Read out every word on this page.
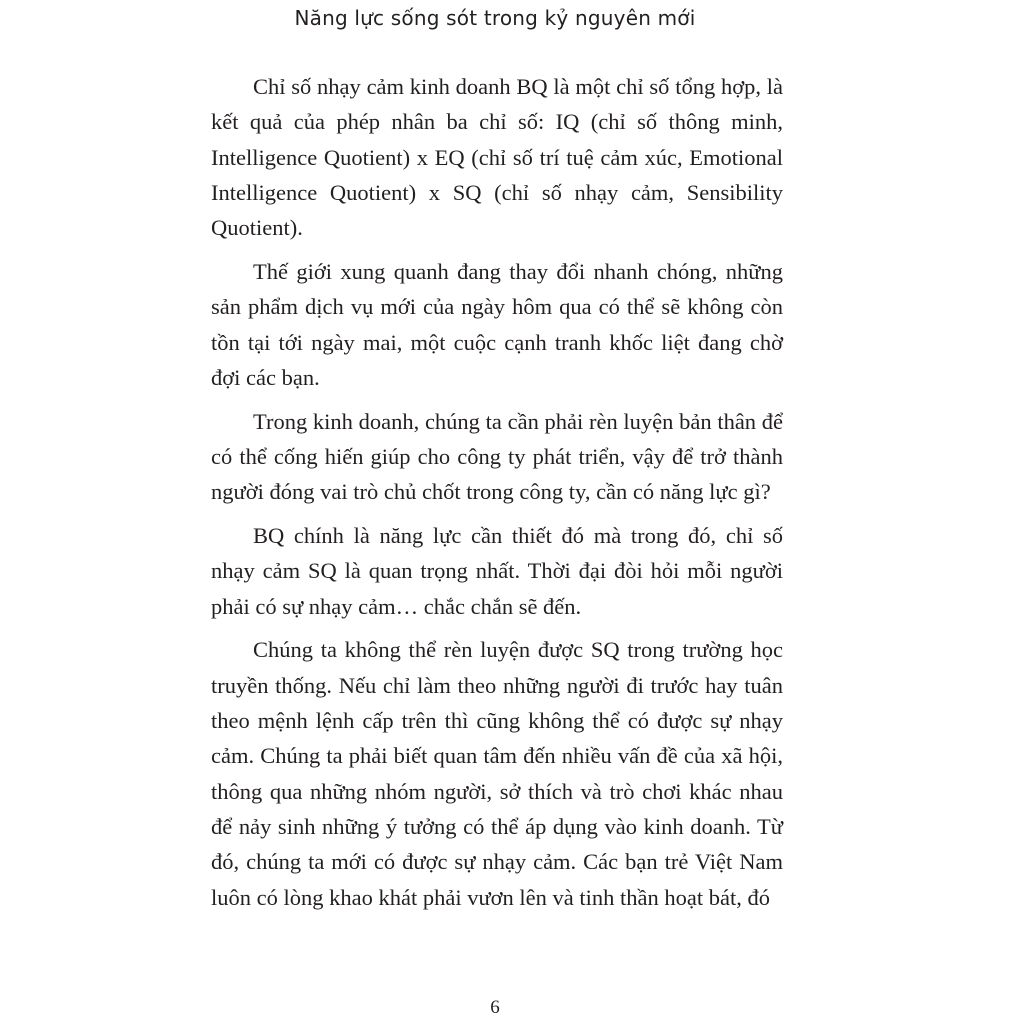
Năng lực sống sót trong kỷ nguyên mới

Chỉ số nhạy cảm kinh doanh BQ là một chỉ số tổng hợp, là kết quả của phép nhân ba chỉ số: IQ (chỉ số thông minh, Intelligence Quotient) x EQ (chỉ số trí tuệ cảm xúc, Emotional Intelligence Quotient) x SQ (chỉ số nhạy cảm, Sensibility Quotient).

Thế giới xung quanh đang thay đổi nhanh chóng, những sản phẩm dịch vụ mới của ngày hôm qua có thể sẽ không còn tồn tại tới ngày mai, một cuộc cạnh tranh khốc liệt đang chờ đợi các bạn.

Trong kinh doanh, chúng ta cần phải rèn luyện bản thân để có thể cống hiến giúp cho công ty phát triển, vậy để trở thành người đóng vai trò chủ chốt trong công ty, cần có năng lực gì?

BQ chính là năng lực cần thiết đó mà trong đó, chỉ số nhạy cảm SQ là quan trọng nhất. Thời đại đòi hỏi mỗi người phải có sự nhạy cảm… chắc chắn sẽ đến.

Chúng ta không thể rèn luyện được SQ trong trường học truyền thống. Nếu chỉ làm theo những người đi trước hay tuân theo mệnh lệnh cấp trên thì cũng không thể có được sự nhạy cảm. Chúng ta phải biết quan tâm đến nhiều vấn đề của xã hội, thông qua những nhóm người, sở thích và trò chơi khác nhau để nảy sinh những ý tưởng có thể áp dụng vào kinh doanh. Từ đó, chúng ta mới có được sự nhạy cảm. Các bạn trẻ Việt Nam luôn có lòng khao khát phải vươn lên và tinh thần hoạt bát, đó

6
